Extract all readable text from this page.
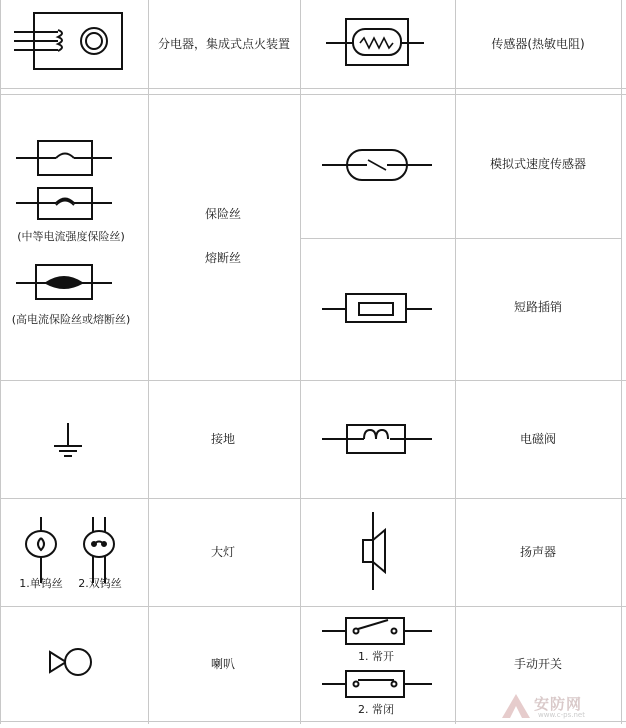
分电器，集成式点火装置	传感器(热敏电阻)
保险丝
熔断丝
(中等电流强度保险丝)
(高电流保险丝或熔断丝)
模拟式速度传感器
短路插销
接地	电磁阀
大灯
1.单钨丝 2.双钨丝
扬声器
喇叭
1. 常开
2. 常闭
手动开关
安防网
www.c-ps.net
